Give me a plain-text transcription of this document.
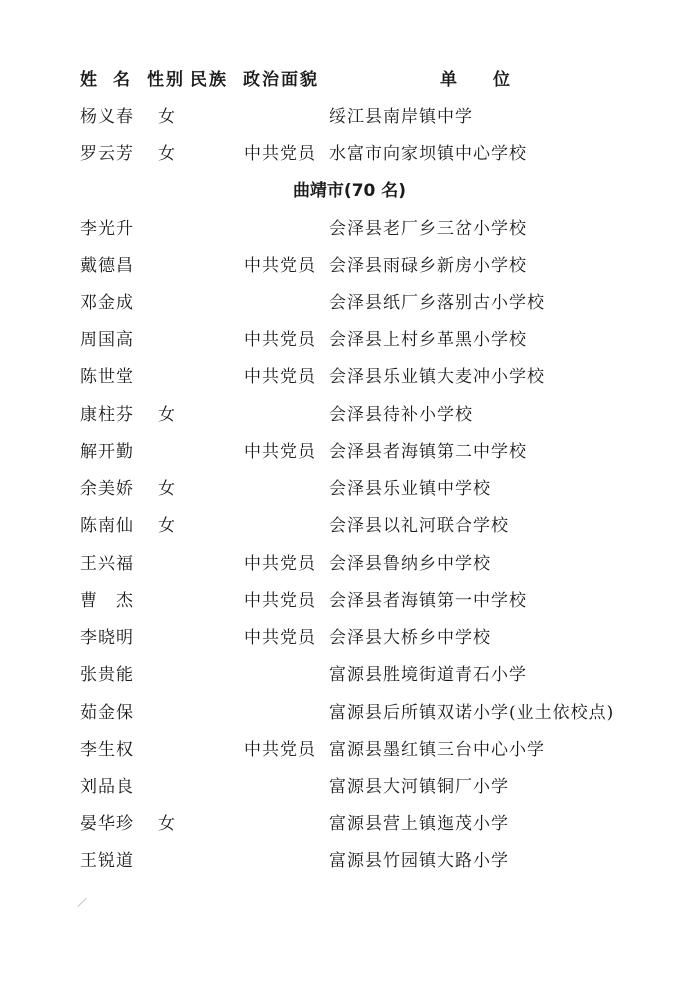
姓名 性别 民族 政治面貌	单位
杨义春 女	绥江县南岸镇中学
罗云芳 女	中共党员 水富市向家坝镇中心学校
曲靖市(70 名)
李光升	会泽县老厂乡三岔小学校
戴德昌	中共党员 会泽县雨碌乡新房小学校
邓金成	会泽县纸厂乡落别古小学校
周国高	中共党员 会泽县上村乡革黑小学校
陈世堂	中共党员 会泽县乐业镇大麦冲小学校
康柱芬 女	会泽县待补小学校
解开勤	中共党员 会泽县者海镇第二中学校
余美娇 女	会泽县乐业镇中学校
陈南仙 女	会泽县以礼河联合学校
王兴福	中共党员 会泽县鲁纳乡中学校
曹　杰	中共党员 会泽县者海镇第一中学校
李晓明	中共党员 会泽县大桥乡中学校
张贵能	富源县胜境街道青石小学
茹金保	富源县后所镇双诺小学(业土依校点)
李生权	中共党员 富源县墨红镇三台中心小学
刘品良	富源县大河镇铜厂小学
晏华珍 女	富源县营上镇迤茂小学
王锐道	富源县竹园镇大路小学
